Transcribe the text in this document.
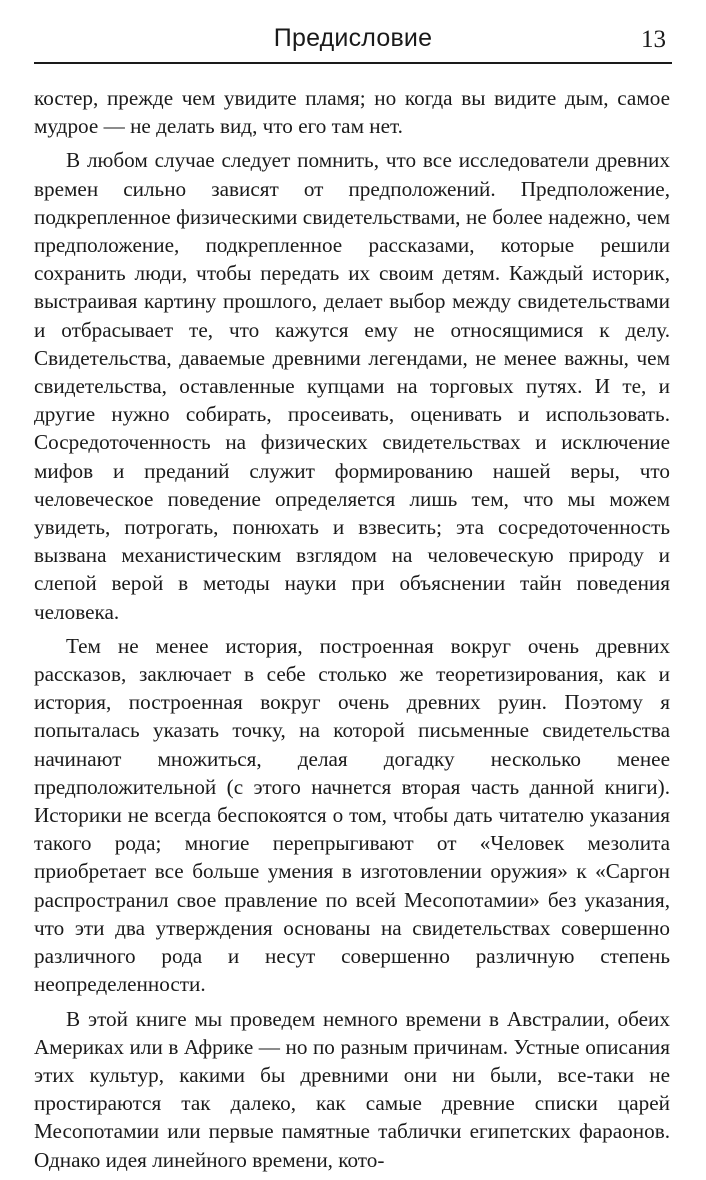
Предисловие	13

костер, прежде чем увидите пламя; но когда вы видите дым, самое мудрое — не делать вид, что его там нет.

В любом случае следует помнить, что все исследователи древних времен сильно зависят от предположений. Предположение, подкрепленное физическими свидетельствами, не более надежно, чем предположение, подкрепленное рассказами, которые решили сохранить люди, чтобы передать их своим детям. Каждый историк, выстраивая картину прошлого, делает выбор между свидетельствами и отбрасывает те, что кажутся ему не относящимися к делу. Свидетельства, даваемые древними легендами, не менее важны, чем свидетельства, оставленные купцами на торговых путях. И те, и другие нужно собирать, просеивать, оценивать и использовать. Сосредоточенность на физических свидетельствах и исключение мифов и преданий служит формированию нашей веры, что человеческое поведение определяется лишь тем, что мы можем увидеть, потрогать, понюхать и взвесить; эта сосредоточенность вызвана механистическим взглядом на человеческую природу и слепой верой в методы науки при объяснении тайн поведения человека.

Тем не менее история, построенная вокруг очень древних рассказов, заключает в себе столько же теоретизирования, как и история, построенная вокруг очень древних руин. Поэтому я попыталась указать точку, на которой письменные свидетельства начинают множиться, делая догадку несколько менее предположительной (с этого начнется вторая часть данной книги). Историки не всегда беспокоятся о том, чтобы дать читателю указания такого рода; многие перепрыгивают от «Человек мезолита приобретает все больше умения в изготовлении оружия» к «Саргон распространил свое правление по всей Месопотамии» без указания, что эти два утверждения основаны на свидетельствах совершенно различного рода и несут совершенно различную степень неопределенности.

В этой книге мы проведем немного времени в Австралии, обеих Америках или в Африке — но по разным причинам. Устные описания этих культур, какими бы древними они ни были, все-таки не простираются так далеко, как самые древние списки царей Месопотамии или первые памятные таблички египетских фараонов. Однако идея линейного времени, кото-
